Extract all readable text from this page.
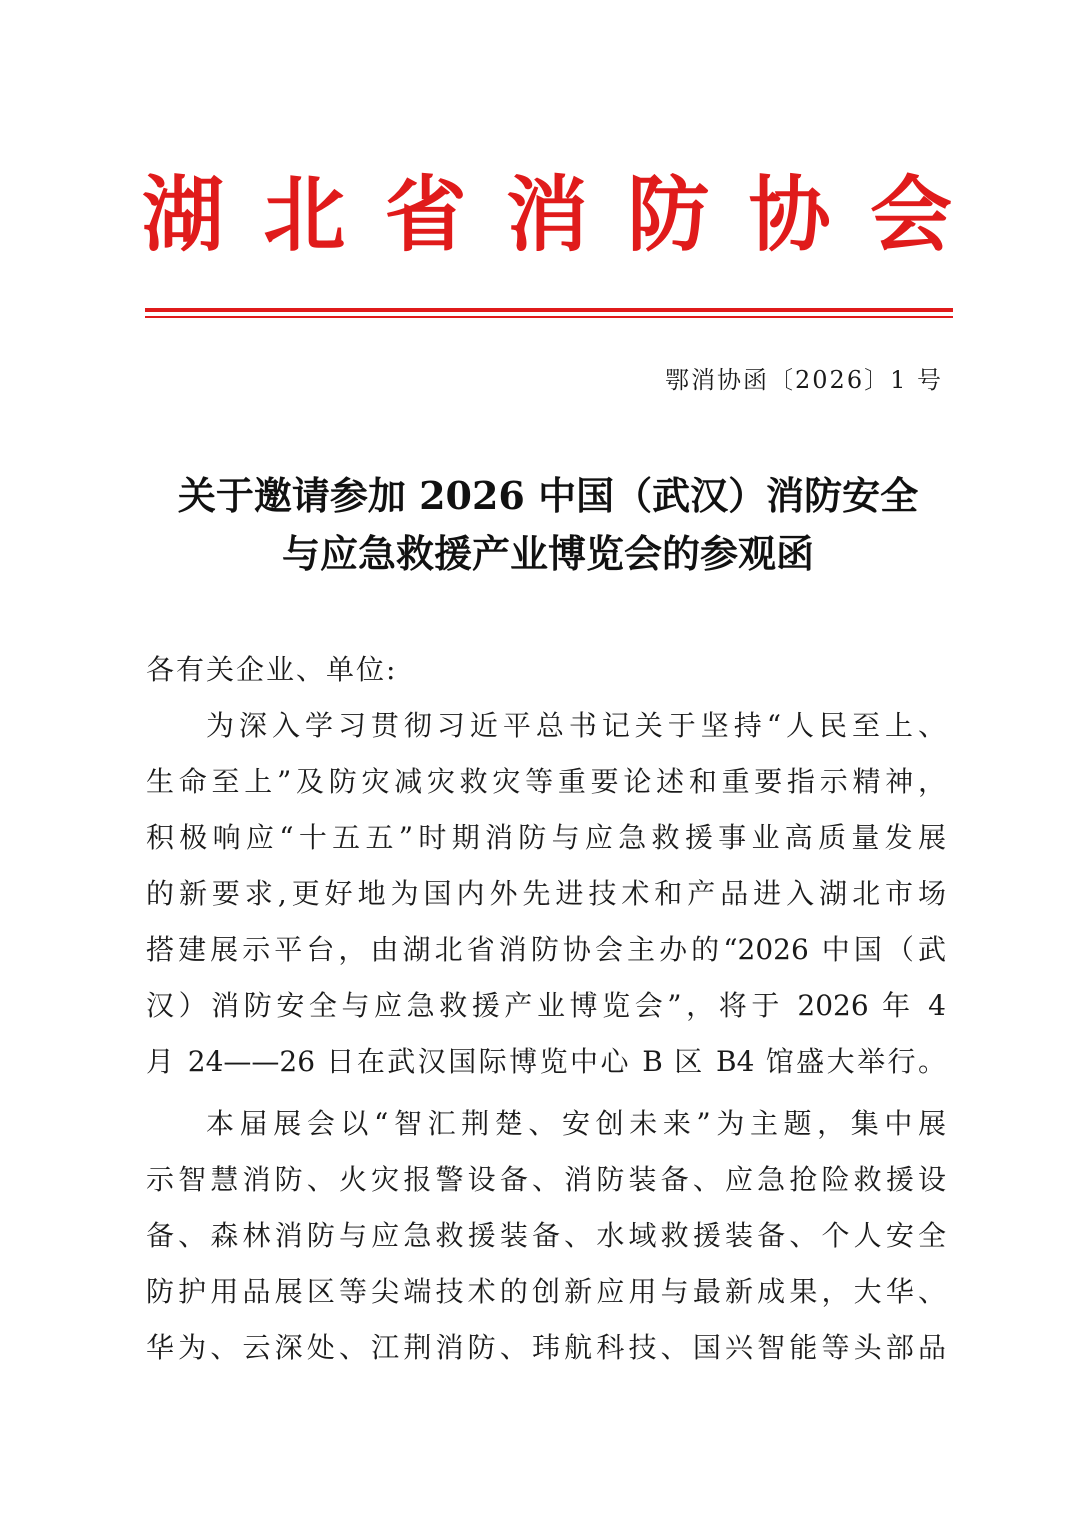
湖 北 省 消 防 协 会
鄂消协函〔2026〕1 号
关于邀请参加 2026 中国（武汉）消防安全
与应急救援产业博览会的参观函
各有关企业、单位:
为深入学习贯彻习近平总书记关于坚持“人民至上、
生命至上”及防灾减灾救灾等重要论述和重要指示精神，
积极响应“十五五”时期消防与应急救援事业高质量发展
的新要求,更好地为国内外先进技术和产品进入湖北市场
搭建展示平台，由湖北省消防协会主办的“2026 中国（武
汉）消防安全与应急救援产业博览会”，将于 2026 年 4
月 24——26 日在武汉国际博览中心 B 区 B4 馆盛大举行。
本届展会以“智汇荆楚、安创未来”为主题，集中展
示智慧消防、火灾报警设备、消防装备、应急抢险救援设
备、森林消防与应急救援装备、水域救援装备、个人安全
防护用品展区等尖端技术的创新应用与最新成果，大华、
华为、云深处、江荆消防、玮航科技、国兴智能等头部品
